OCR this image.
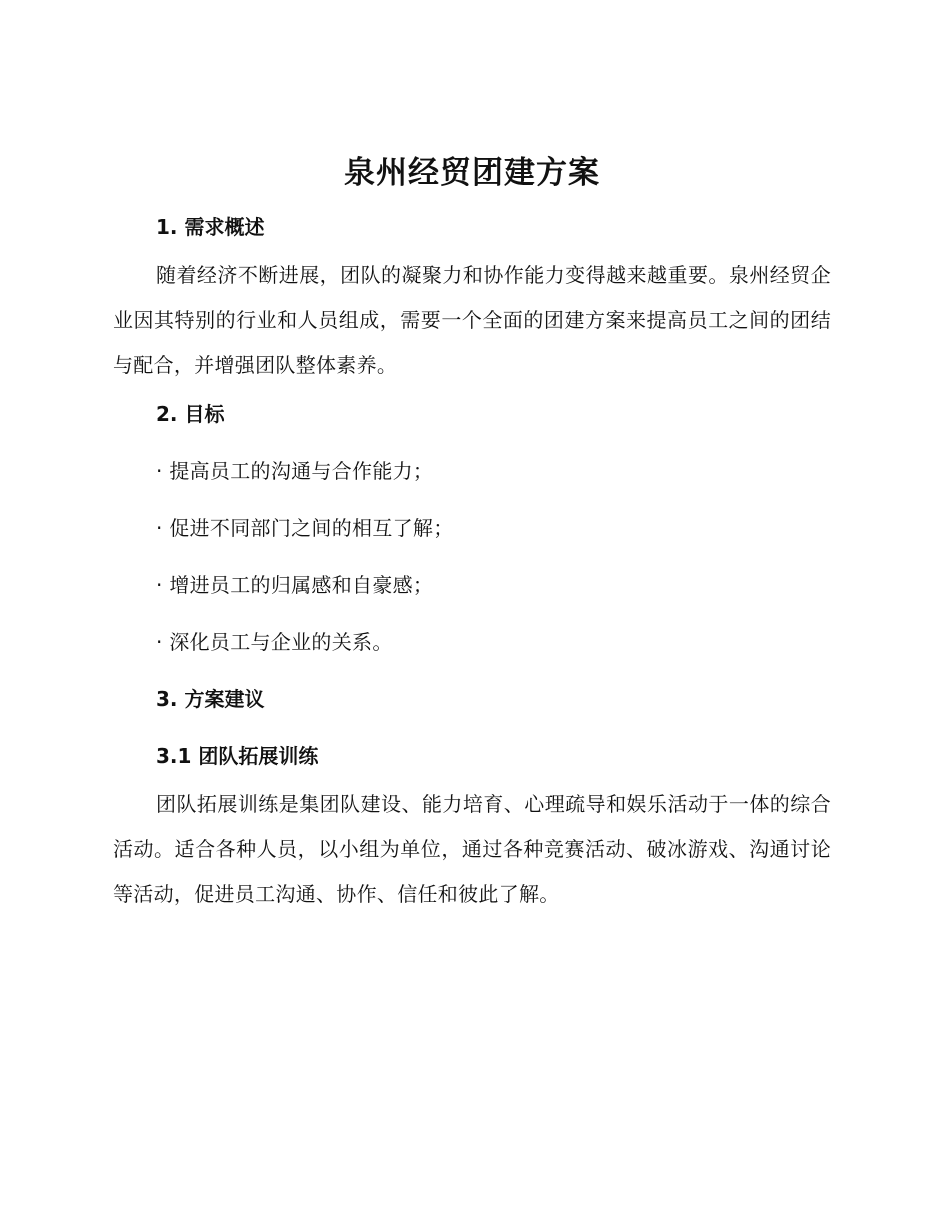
泉州经贸团建方案
1. 需求概述

随着经济不断进展，团队的凝聚力和协作能力变得越来越重要。泉州经贸企业因其特别的行业和人员组成，需要一个全面的团建方案来提高员工之间的团结与配合，并增强团队整体素养。

2. 目标

· 提高员工的沟通与合作能力；

· 促进不同部门之间的相互了解；

· 增进员工的归属感和自豪感；

· 深化员工与企业的关系。

3. 方案建议
3.1 团队拓展训练

团队拓展训练是集团队建设、能力培育、心理疏导和娱乐活动于一体的综合活动。适合各种人员，以小组为单位，通过各种竞赛活动、破冰游戏、沟通讨论等活动，促进员工沟通、协作、信任和彼此了解。
